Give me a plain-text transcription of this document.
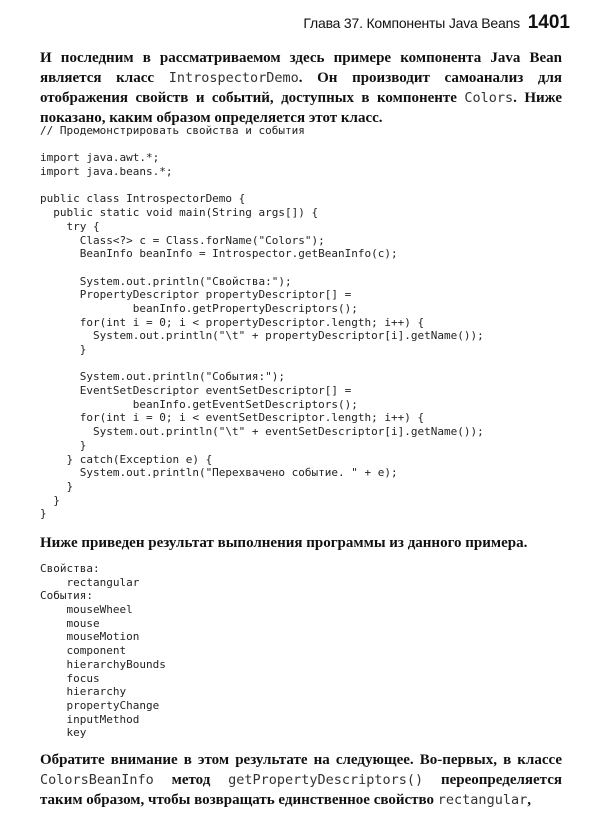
Глава 37. Компоненты Java Beans 1401
И последним в рассматриваемом здесь примере компонента Java Bean является класс IntrospectorDemo. Он производит самоанализ для отображения свойств и событий, доступных в компоненте Colors. Ниже показано, каким образом определяется этот класс.
// Продемонстрировать свойства и события
import java.awt.*;
import java.beans.*;
public class IntrospectorDemo {
public static void main(String args[]) {
try {
Class<?> c = Class.forName("Colors");
BeanInfo beanInfo = Introspector.getBeanInfo(c);
System.out.println("Свойства:");
PropertyDescriptor propertyDescriptor[] =
beanInfo.getPropertyDescriptors();
for(int i = 0; i < propertyDescriptor.length; i++) {
System.out.println("\t" + propertyDescriptor[i].getName());
}
System.out.println("События:");
EventSetDescriptor eventSetDescriptor[] =
beanInfo.getEventSetDescriptors();
for(int i = 0; i < eventSetDescriptor.length; i++) {
System.out.println("\t" + eventSetDescriptor[i].getName());
}
} catch(Exception e) {
System.out.println("Перехвачено событие. " + e);
}
}
}
Ниже приведен результат выполнения программы из данного примера.
Свойства:
rectangular
События:
mouseWheel
mouse
mouseMotion
component
hierarchyBounds
focus
hierarchy
propertyChange
inputMethod
key
Обратите внимание в этом результате на следующее. Во-первых, в классе ColorsBeanInfo метод getPropertyDescriptors() переопределяется таким образом, чтобы возвращать единственное свойство rectangular,
